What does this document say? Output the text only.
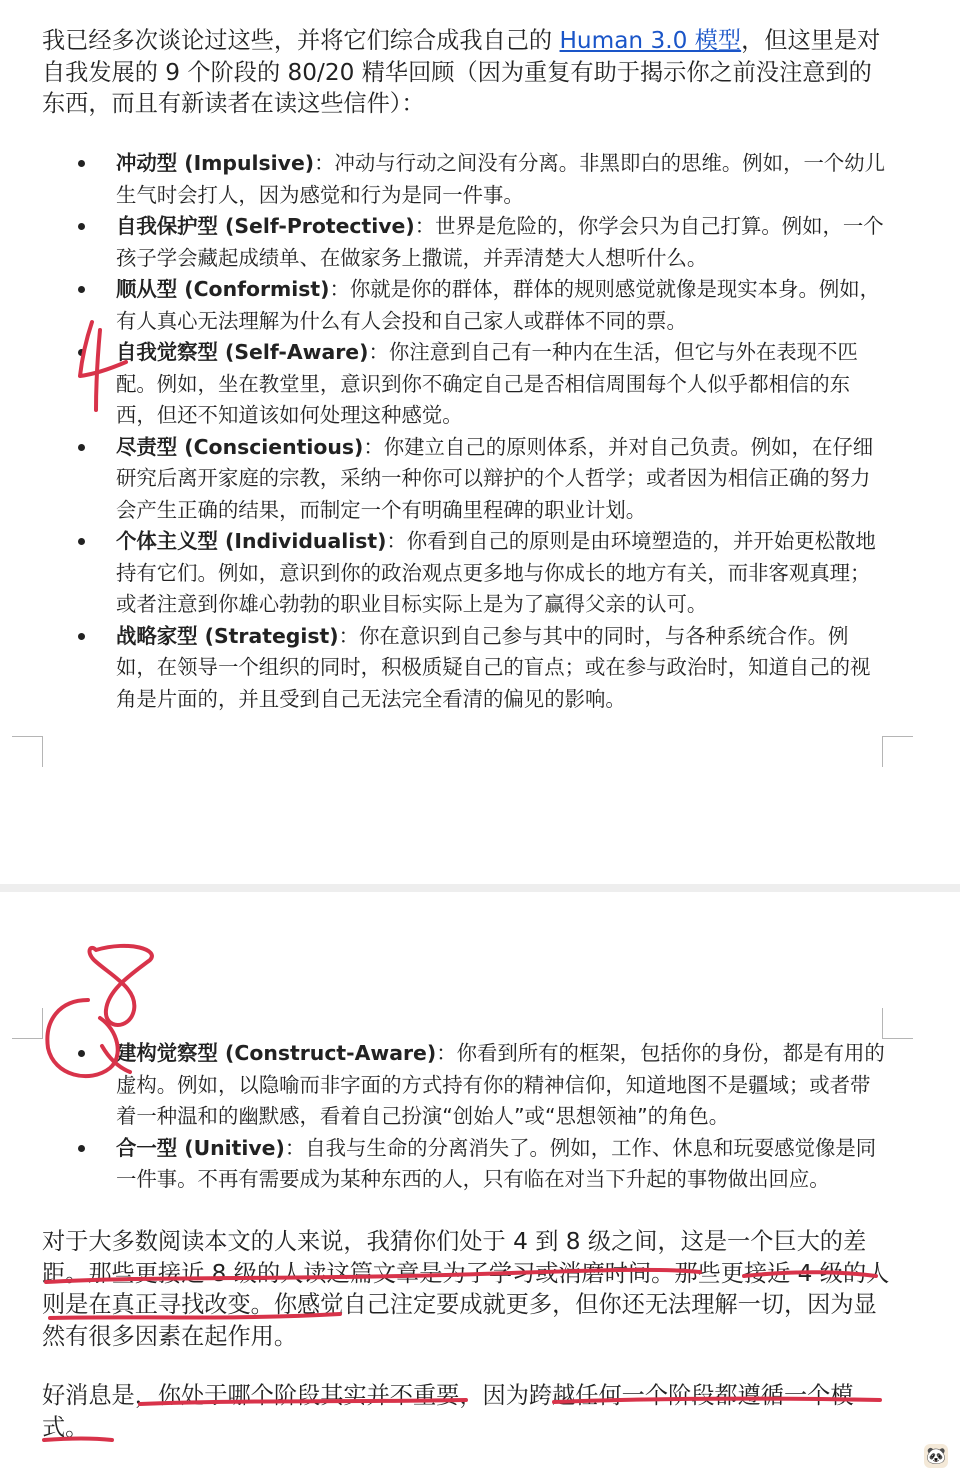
我已经多次谈论过这些，并将它们综合成我自己的 Human 3.0 模型，但这里是对自我发展的 9 个阶段的 80/20 精华回顾（因为重复有助于揭示你之前没注意到的东西，而且有新读者在读这些信件）：

冲动型 (Impulsive)：冲动与行动之间没有分离。非黑即白的思维。例如，一个幼儿生气时会打人，因为感觉和行为是同一件事。
自我保护型 (Self-Protective)：世界是危险的，你学会只为自己打算。例如，一个孩子学会藏起成绩单、在做家务上撒谎，并弄清楚大人想听什么。
顺从型 (Conformist)：你就是你的群体，群体的规则感觉就像是现实本身。例如，有人真心无法理解为什么有人会投和自己家人或群体不同的票。
自我觉察型 (Self-Aware)：你注意到自己有一种内在生活，但它与外在表现不匹配。例如，坐在教堂里，意识到你不确定自己是否相信周围每个人似乎都相信的东西，但还不知道该如何处理这种感觉。
尽责型 (Conscientious)：你建立自己的原则体系，并对自己负责。例如，在仔细研究后离开家庭的宗教，采纳一种你可以辩护的个人哲学；或者因为相信正确的努力会产生正确的结果，而制定一个有明确里程碑的职业计划。
个体主义型 (Individualist)：你看到自己的原则是由环境塑造的，并开始更松散地持有它们。例如，意识到你的政治观点更多地与你成长的地方有关，而非客观真理；或者注意到你雄心勃勃的职业目标实际上是为了赢得父亲的认可。
战略家型 (Strategist)：你在意识到自己参与其中的同时，与各种系统合作。例如，在领导一个组织的同时，积极质疑自己的盲点；或在参与政治时，知道自己的视角是片面的，并且受到自己无法完全看清的偏见的影响。
建构觉察型 (Construct-Aware)：你看到所有的框架，包括你的身份，都是有用的虚构。例如，以隐喻而非字面的方式持有你的精神信仰，知道地图不是疆域；或者带着一种温和的幽默感，看着自己扮演“创始人”或“思想领袖”的角色。
合一型 (Unitive)：自我与生命的分离消失了。例如，工作、休息和玩耍感觉像是同一件事。不再有需要成为某种东西的人，只有临在对当下升起的事物做出回应。

对于大多数阅读本文的人来说，我猜你们处于 4 到 8 级之间，这是一个巨大的差距。那些更接近 8 级的人读这篇文章是为了学习或消磨时间。那些更接近 4 级的人则是在真正寻找改变。你感觉自己注定要成就更多，但你还无法理解一切，因为显然有很多因素在起作用。

好消息是，你处于哪个阶段其实并不重要，因为跨越任何一个阶段都遵循一个模式。

🐼
